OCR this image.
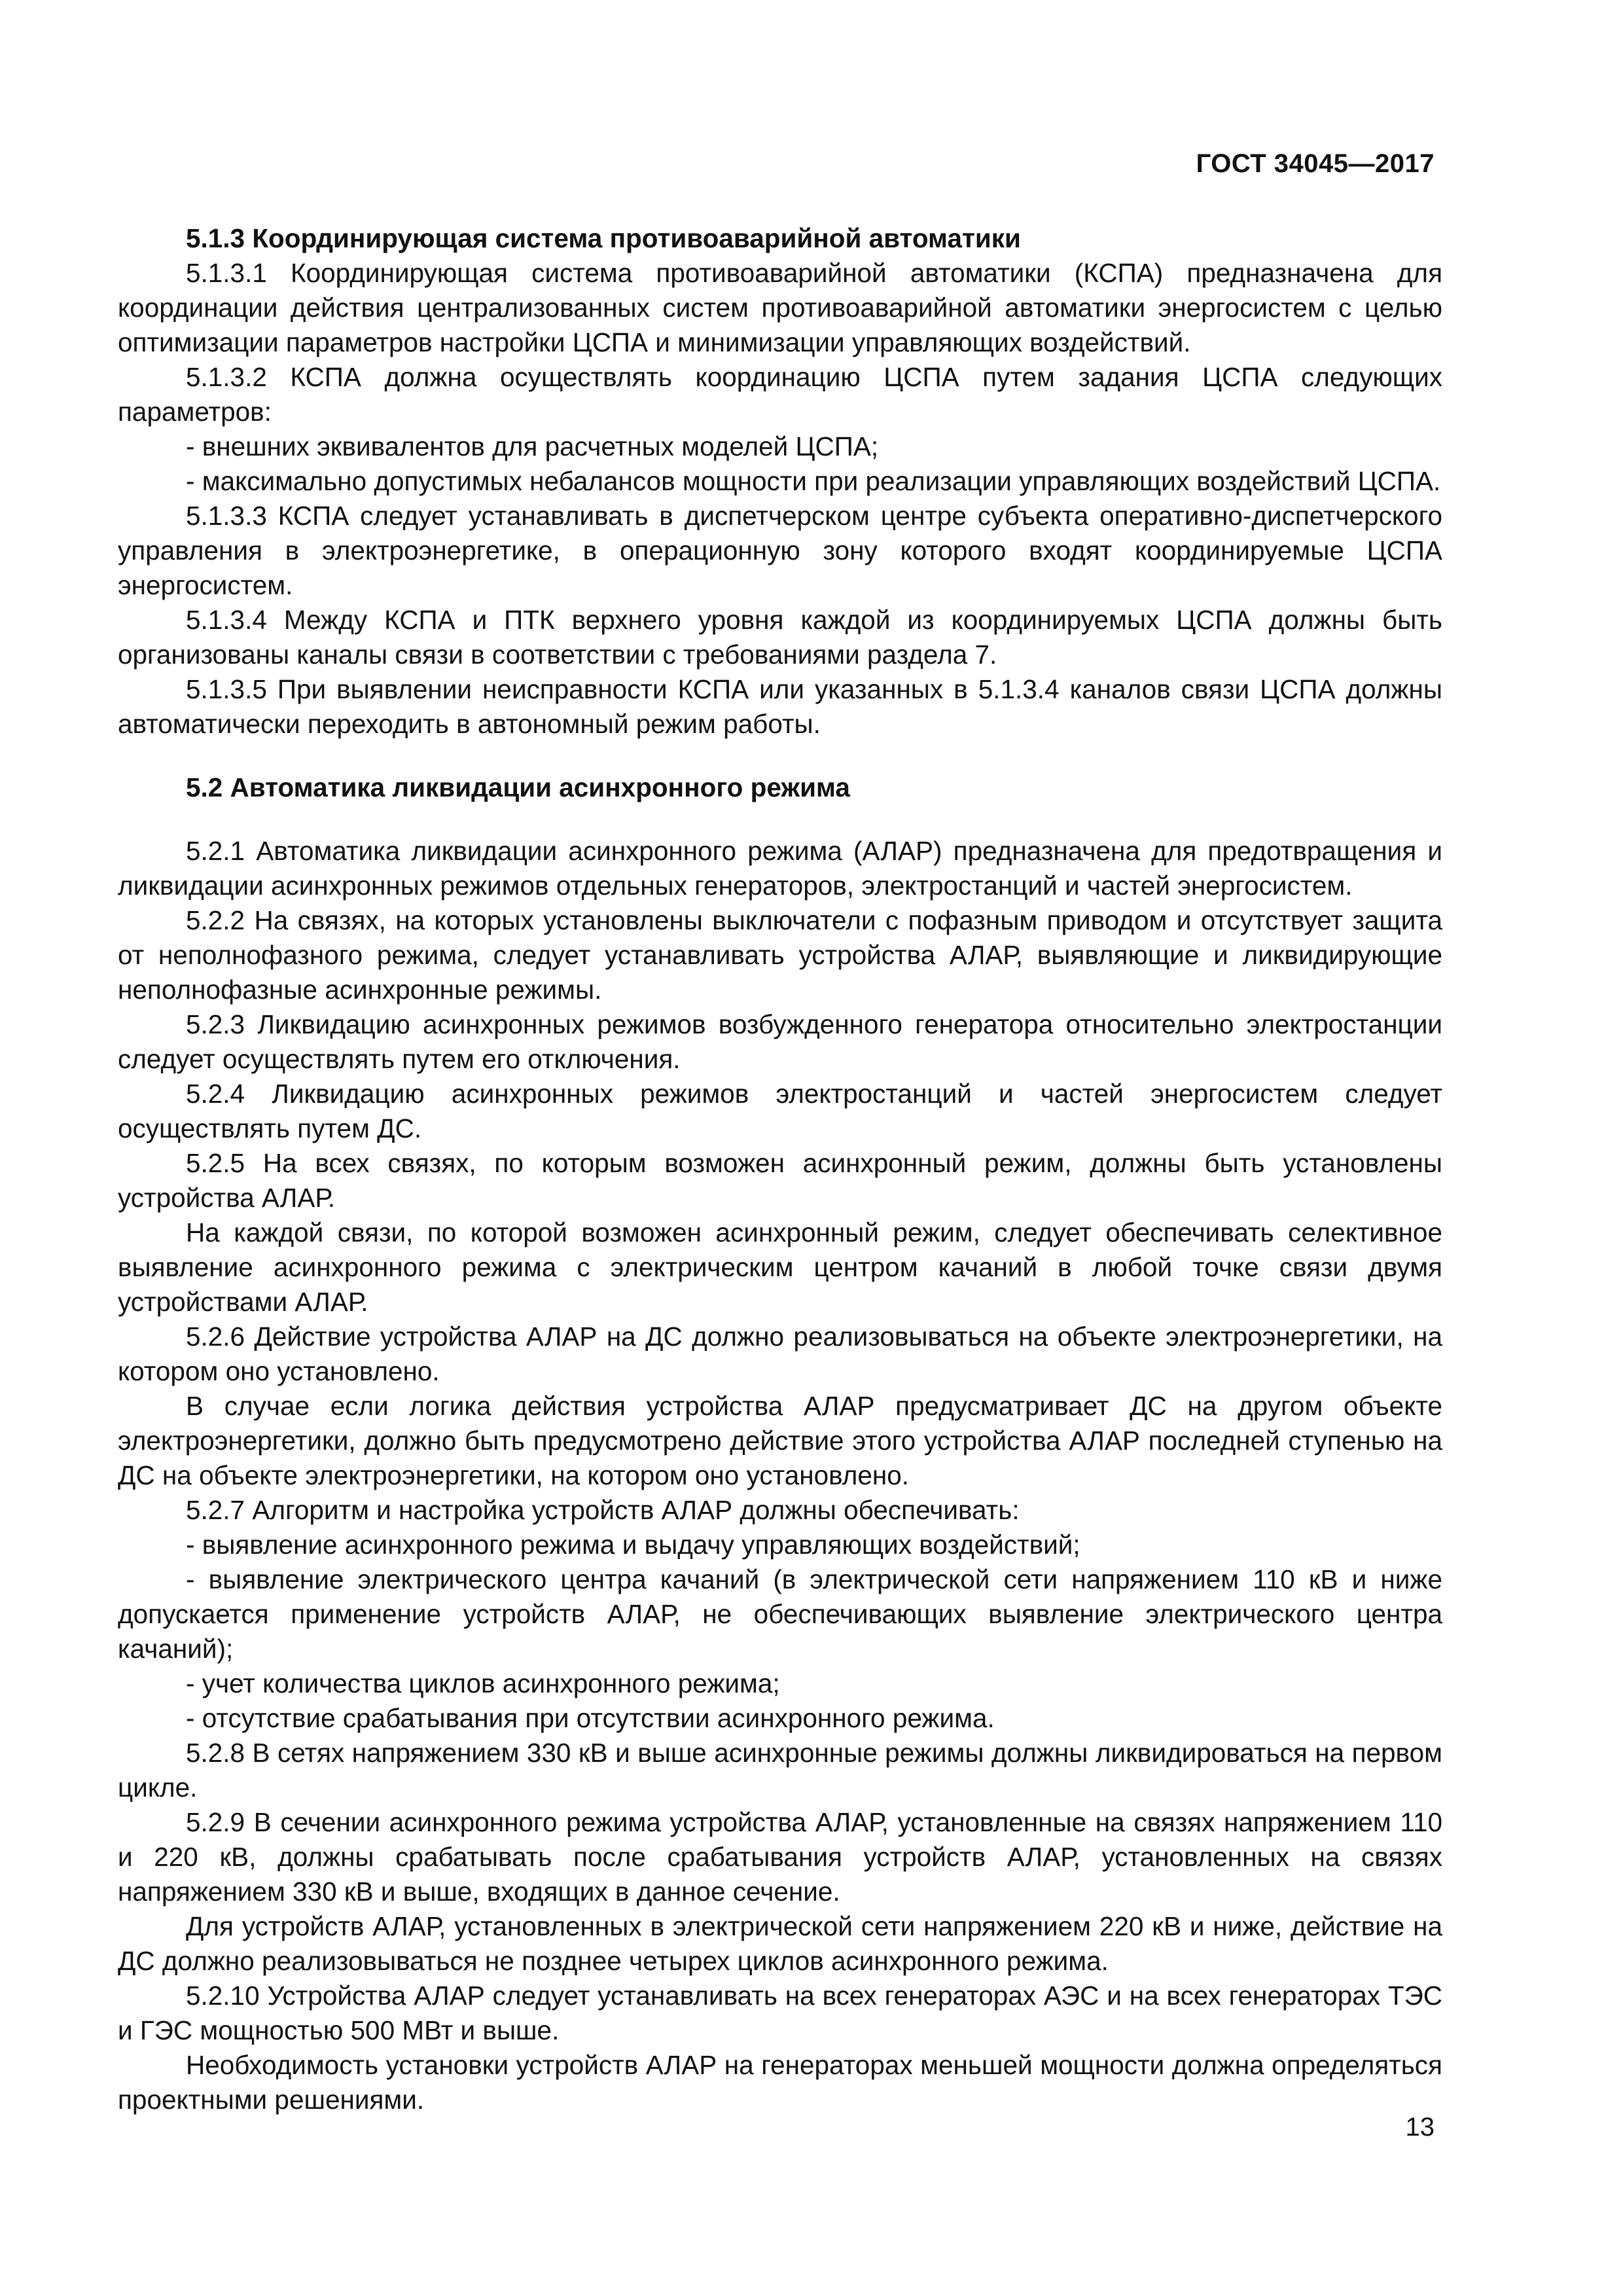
ГОСТ 34045—2017

5.1.3 Координирующая система противоаварийной автоматики

5.1.3.1 Координирующая система противоаварийной автоматики (КСПА) предназначена для координации действия централизованных систем противоаварийной автоматики энергосистем с целью оптимизации параметров настройки ЦСПА и минимизации управляющих воздействий.

5.1.3.2 КСПА должна осуществлять координацию ЦСПА путем задания ЦСПА следующих параметров:

- внешних эквивалентов для расчетных моделей ЦСПА;

- максимально допустимых небалансов мощности при реализации управляющих воздействий ЦСПА.

5.1.3.3 КСПА следует устанавливать в диспетчерском центре субъекта оперативно-диспетчерского управления в электроэнергетике, в операционную зону которого входят координируемые ЦСПА энергосистем.

5.1.3.4 Между КСПА и ПТК верхнего уровня каждой из координируемых ЦСПА должны быть организованы каналы связи в соответствии с требованиями раздела 7.

5.1.3.5 При выявлении неисправности КСПА или указанных в 5.1.3.4 каналов связи ЦСПА должны автоматически переходить в автономный режим работы.

5.2 Автоматика ликвидации асинхронного режима

5.2.1 Автоматика ликвидации асинхронного режима (АЛАР) предназначена для предотвращения и ликвидации асинхронных режимов отдельных генераторов, электростанций и частей энергосистем.

5.2.2 На связях, на которых установлены выключатели с пофазным приводом и отсутствует защита от неполнофазного режима, следует устанавливать устройства АЛАР, выявляющие и ликвидирующие неполнофазные асинхронные режимы.

5.2.3 Ликвидацию асинхронных режимов возбужденного генератора относительно электростанции следует осуществлять путем его отключения.

5.2.4 Ликвидацию асинхронных режимов электростанций и частей энергосистем следует осуществлять путем ДС.

5.2.5 На всех связях, по которым возможен асинхронный режим, должны быть установлены устройства АЛАР.

На каждой связи, по которой возможен асинхронный режим, следует обеспечивать селективное выявление асинхронного режима с электрическим центром качаний в любой точке связи двумя устройствами АЛАР.

5.2.6 Действие устройства АЛАР на ДС должно реализовываться на объекте электроэнергетики, на котором оно установлено.

В случае если логика действия устройства АЛАР предусматривает ДС на другом объекте электроэнергетики, должно быть предусмотрено действие этого устройства АЛАР последней ступенью на ДС на объекте электроэнергетики, на котором оно установлено.

5.2.7 Алгоритм и настройка устройств АЛАР должны обеспечивать:

- выявление асинхронного режима и выдачу управляющих воздействий;

- выявление электрического центра качаний (в электрической сети напряжением 110 кВ и ниже допускается применение устройств АЛАР, не обеспечивающих выявление электрического центра качаний);

- учет количества циклов асинхронного режима;

- отсутствие срабатывания при отсутствии асинхронного режима.

5.2.8 В сетях напряжением 330 кВ и выше асинхронные режимы должны ликвидироваться на первом цикле.

5.2.9 В сечении асинхронного режима устройства АЛАР, установленные на связях напряжением 110 и 220 кВ, должны срабатывать после срабатывания устройств АЛАР, установленных на связях напряжением 330 кВ и выше, входящих в данное сечение.

Для устройств АЛАР, установленных в электрической сети напряжением 220 кВ и ниже, действие на ДС должно реализовываться не позднее четырех циклов асинхронного режима.

5.2.10 Устройства АЛАР следует устанавливать на всех генераторах АЭС и на всех генераторах ТЭС и ГЭС мощностью 500 МВт и выше.

Необходимость установки устройств АЛАР на генераторах меньшей мощности должна определяться проектными решениями.

13
